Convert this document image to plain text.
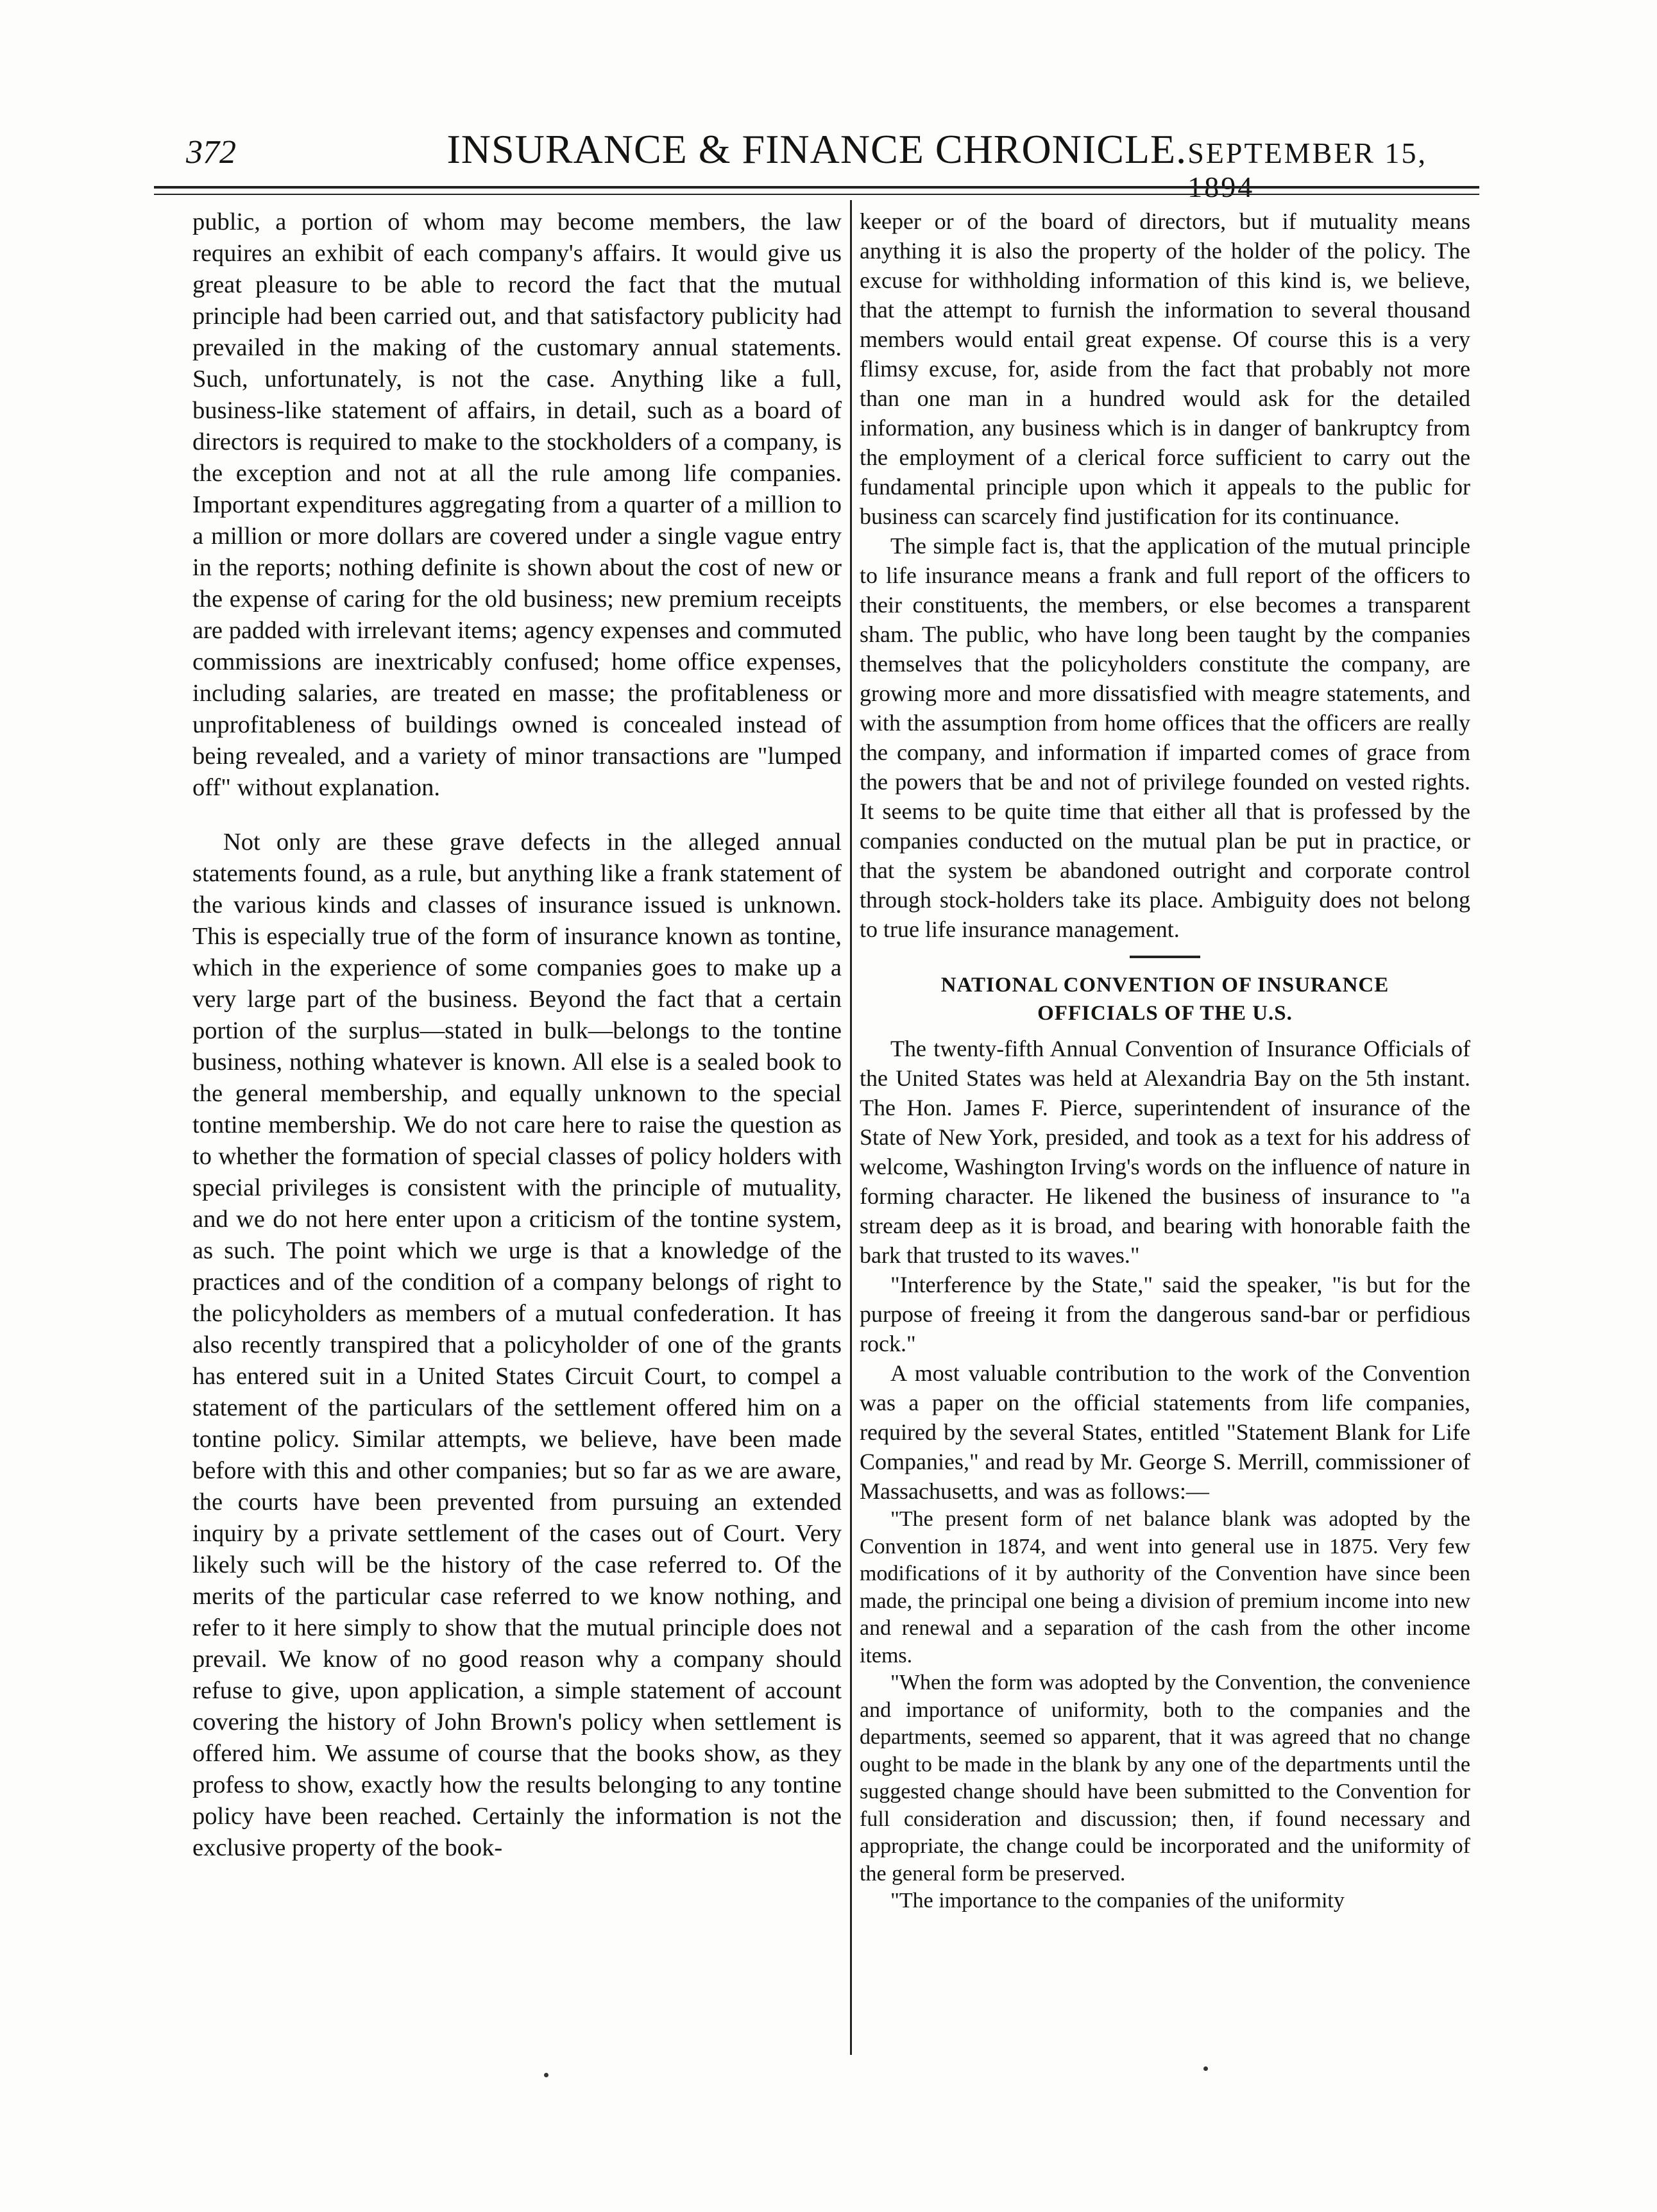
372	INSURANCE & FINANCE CHRONICLE. SEPTEMBER 15, 1894

public, a portion of whom may become members, the law requires an exhibit of each company's affairs. It would give us great pleasure to be able to record the fact that the mutual principle had been carried out, and that satisfactory publicity had prevailed in the making of the customary annual statements. Such, unfortunately, is not the case. Anything like a full, business-like statement of affairs, in detail, such as a board of directors is required to make to the stockholders of a company, is the exception and not at all the rule among life companies. Important expenditures aggregating from a quarter of a million to a million or more dollars are covered under a single vague entry in the reports; nothing definite is shown about the cost of new or the expense of caring for the old business; new premium receipts are padded with irrelevant items; agency expenses and commuted commissions are inextricably confused; home office expenses, including salaries, are treated en masse; the profitableness or unprofitableness of buildings owned is concealed instead of being revealed, and a variety of minor transactions are "lumped off" without explanation.

Not only are these grave defects in the alleged annual statements found, as a rule, but anything like a frank statement of the various kinds and classes of insurance issued is unknown. This is especially true of the form of insurance known as tontine, which in the experience of some companies goes to make up a very large part of the business. Beyond the fact that a certain portion of the surplus—stated in bulk—belongs to the tontine business, nothing whatever is known. All else is a sealed book to the general membership, and equally unknown to the special tontine membership. We do not care here to raise the question as to whether the formation of special classes of policy holders with special privileges is consistent with the principle of mutuality, and we do not here enter upon a criticism of the tontine system, as such. The point which we urge is that a knowledge of the practices and of the condition of a company belongs of right to the policyholders as members of a mutual confederation. It has also recently transpired that a policyholder of one of the grants has entered suit in a United States Circuit Court, to compel a statement of the particulars of the settlement offered him on a tontine policy. Similar attempts, we believe, have been made before with this and other companies; but so far as we are aware, the courts have been prevented from pursuing an extended inquiry by a private settlement of the cases out of Court. Very likely such will be the history of the case referred to. Of the merits of the particular case referred to we know nothing, and refer to it here simply to show that the mutual principle does not prevail. We know of no good reason why a company should refuse to give, upon application, a simple statement of account covering the history of John Brown's policy when settlement is offered him. We assume of course that the books show, as they profess to show, exactly how the results belonging to any tontine policy have been reached. Certainly the information is not the exclusive property of the book-

keeper or of the board of directors, but if mutuality means anything it is also the property of the holder of the policy. The excuse for withholding information of this kind is, we believe, that the attempt to furnish the information to several thousand members would entail great expense. Of course this is a very flimsy excuse, for, aside from the fact that probably not more than one man in a hundred would ask for the detailed information, any business which is in danger of bankruptcy from the employment of a clerical force sufficient to carry out the fundamental principle upon which it appeals to the public for business can scarcely find justification for its continuance.

The simple fact is, that the application of the mutual principle to life insurance means a frank and full report of the officers to their constituents, the members, or else becomes a transparent sham. The public, who have long been taught by the companies themselves that the policyholders constitute the company, are growing more and more dissatisfied with meagre statements, and with the assumption from home offices that the officers are really the company, and information if imparted comes of grace from the powers that be and not of privilege founded on vested rights. It seems to be quite time that either all that is professed by the companies conducted on the mutual plan be put in practice, or that the system be abandoned outright and corporate control through stock-holders take its place. Ambiguity does not belong to true life insurance management.

NATIONAL CONVENTION OF INSURANCE OFFICIALS OF THE U.S.

The twenty-fifth Annual Convention of Insurance Officials of the United States was held at Alexandria Bay on the 5th instant. The Hon. James F. Pierce, superintendent of insurance of the State of New York, presided, and took as a text for his address of welcome, Washington Irving's words on the influence of nature in forming character. He likened the business of insurance to "a stream deep as it is broad, and bearing with honorable faith the bark that trusted to its waves."

"Interference by the State," said the speaker, "is but for the purpose of freeing it from the dangerous sand-bar or perfidious rock."

A most valuable contribution to the work of the Convention was a paper on the official statements from life companies, required by the several States, entitled "Statement Blank for Life Companies," and read by Mr. George S. Merrill, commissioner of Massachusetts, and was as follows:—

"The present form of net balance blank was adopted by the Convention in 1874, and went into general use in 1875. Very few modifications of it by authority of the Convention have since been made, the principal one being a division of premium income into new and renewal and a separation of the cash from the other income items.

"When the form was adopted by the Convention, the convenience and importance of uniformity, both to the companies and the departments, seemed so apparent, that it was agreed that no change ought to be made in the blank by any one of the departments until the suggested change should have been submitted to the Convention for full consideration and discussion; then, if found necessary and appropriate, the change could be incorporated and the uniformity of the general form be preserved.

"The importance to the companies of the uniformity
